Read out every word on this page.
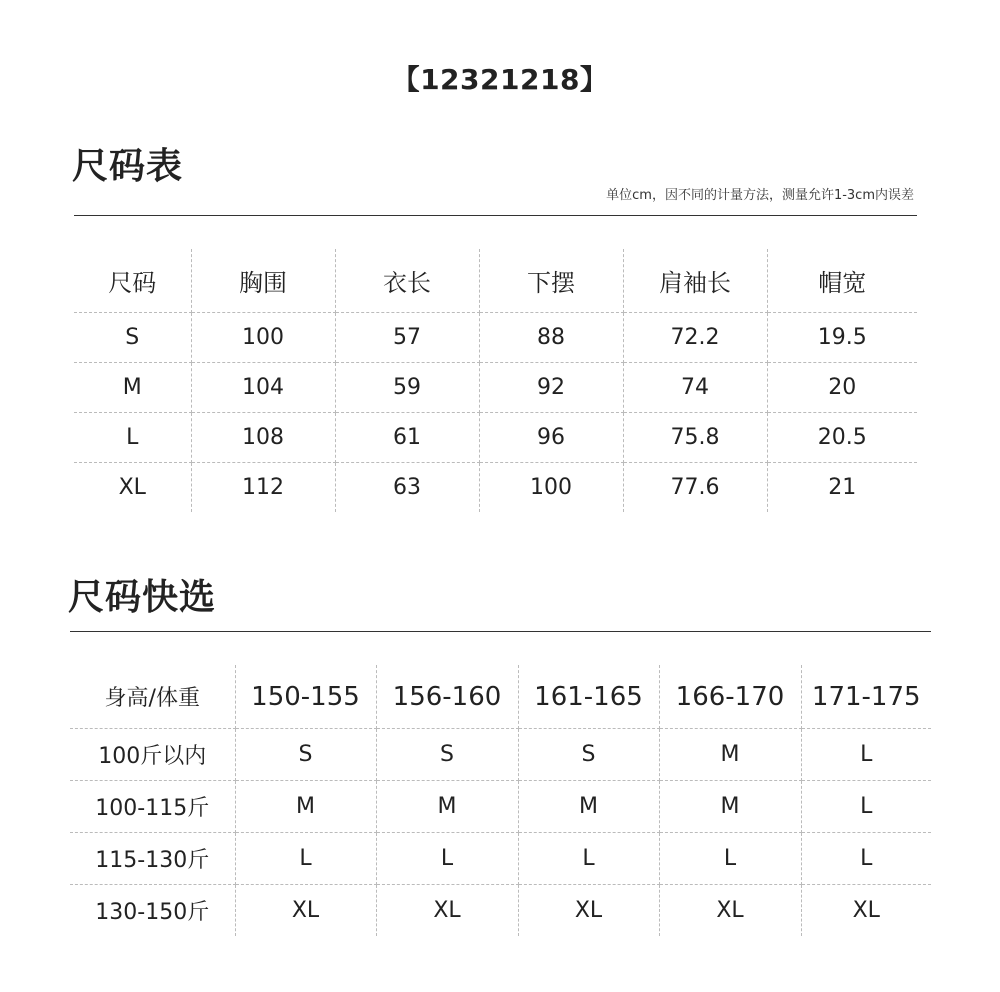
【12321218】
尺码表
单位cm，因不同的计量方法，测量允许1-3cm内误差
尺码	胸围	衣长	下摆	肩袖长	帽宽
S	100	57	88	72.2	19.5
M	104	59	92	74	20
L	108	61	96	75.8	20.5
XL	112	63	100	77.6	21
尺码快选
身高/体重	150-155	156-160	161-165	166-170	171-175
100斤以内	S	S	S	M	L
100-115斤	M	M	M	M	L
115-130斤	L	L	L	L	L
130-150斤	XL	XL	XL	XL	XL
